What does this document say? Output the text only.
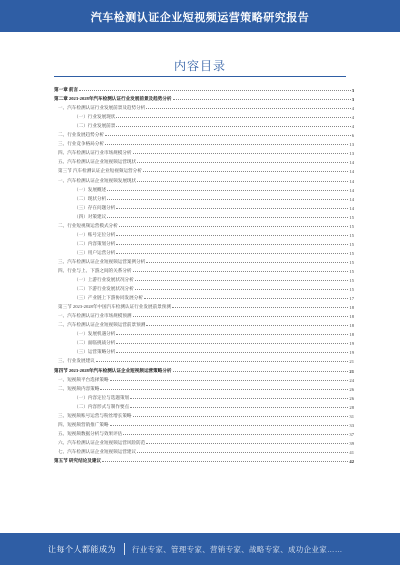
汽车检测认证企业短视频运营策略研究报告
内容目录
第一章 前言	3
第二章 2023-2028年汽车检测认证行业发展前景及趋势分析	3
一、汽车检测认证行业发展前景及趋势分析	4
（一）行业发展现状	4
（二）行业发展前景	4
二、行业发展趋势分析	6
三、行业竞争格局分析	13
四、汽车检测认证行业市场规模分析	13
五、汽车检测认证企业短视频运营现状	14
第三节 汽车检测认证企业短视频运营分析	14
一、汽车检测认证企业短视频发展现状	14
（一）发展概述	14
（二）现状分析	14
（三）存在问题分析	14
（四）对策建议	15
二、行业短视频运营模式分析	15
（一）账号定位分析	15
（二）内容策划分析	15
（三）用户运营分析	15
三、汽车检测认证企业短视频运营案例分析	15
四、行业与上、下游之间的关系分析	15
（一）上游行业发展状况分析	15
（二）下游行业发展状况分析	15
（三）产业链上下游协同发展分析	17
第三节 2023-2028年中国汽车检测认证行业发展前景预测	18
一、汽车检测认证行业市场规模预测	18
二、汽车检测认证企业短视频运营前景预测	18
（一）发展机遇分析	18
（二）面临挑战分析	19
（三）运营策略分析	19
三、行业发展建议	21
第四节 2023-2028年汽车检测认证企业短视频运营策略分析	21
一、短视频平台选择策略	24
二、短视频内容策略	26
（一）内容定位与选题策划	26
（二）内容形式与制作要点	28
三、短视频账号运营与粉丝增长策略	31
四、短视频营销推广策略	33
五、短视频数据分析与效果评估	37
六、汽车检测认证企业短视频运营风险防范	39
七、汽车检测认证企业短视频运营建议	41
第五节 研究结论及建议	42
让每个人都能成为 行业专家、管理专家、营销专家、战略专家、成功企业家……
